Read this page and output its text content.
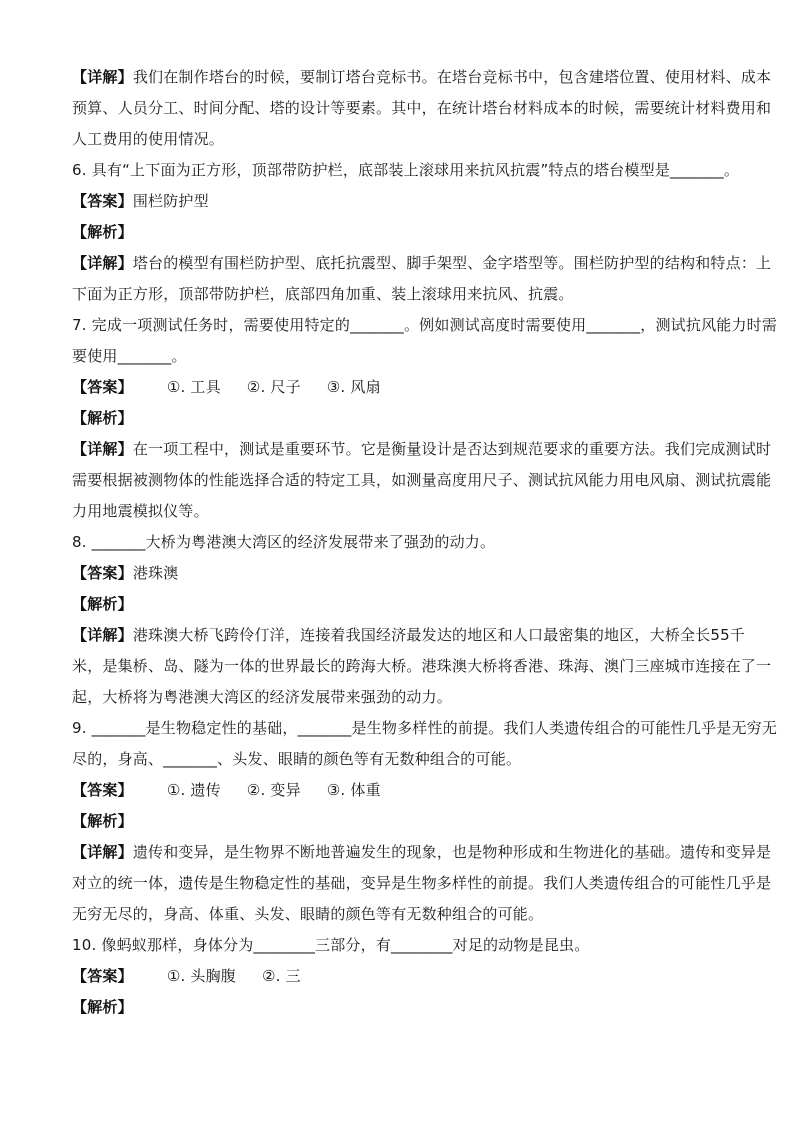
【详解】我们在制作塔台的时候，要制订塔台竞标书。在塔台竞标书中，包含建塔位置、使用材料、成本
预算、人员分工、时间分配、塔的设计等要素。其中，在统计塔台材料成本的时候，需要统计材料费用和
人工费用的使用情况。
6. 具有“上下面为正方形，顶部带防护栏，底部装上滚球用来抗风抗震”特点的塔台模型是_______。
【答案】围栏防护型
【解析】
【详解】塔台的模型有围栏防护型、底托抗震型、脚手架型、金字塔型等。围栏防护型的结构和特点：上
下面为正方形，顶部带防护栏，底部四角加重、装上滚球用来抗风、抗震。
7. 完成一项测试任务时，需要使用特定的_______。例如测试高度时需要使用_______，测试抗风能力时需
要使用_______。
【答案】 ①. 工具 ②. 尺子 ③. 风扇
【解析】
【详解】在一项工程中，测试是重要环节。它是衡量设计是否达到规范要求的重要方法。我们完成测试时
需要根据被测物体的性能选择合适的特定工具，如测量高度用尺子、测试抗风能力用电风扇、测试抗震能
力用地震模拟仪等。
8. _______大桥为粤港澳大湾区的经济发展带来了强劲的动力。
【答案】港珠澳
【解析】
【详解】港珠澳大桥飞跨伶仃洋，连接着我国经济最发达的地区和人口最密集的地区，大桥全长55千
米，是集桥、岛、隧为一体的世界最长的跨海大桥。港珠澳大桥将香港、珠海、澳门三座城市连接在了一
起，大桥将为粤港澳大湾区的经济发展带来强劲的动力。
9. _______是生物稳定性的基础，_______是生物多样性的前提。我们人类遗传组合的可能性几乎是无穷无
尽的，身高、_______、头发、眼睛的颜色等有无数种组合的可能。
【答案】 ①. 遗传 ②. 变异 ③. 体重
【解析】
【详解】遗传和变异，是生物界不断地普遍发生的现象，也是物种形成和生物进化的基础。遗传和变异是
对立的统一体，遗传是生物稳定性的基础，变异是生物多样性的前提。我们人类遗传组合的可能性几乎是
无穷无尽的，身高、体重、头发、眼睛的颜色等有无数种组合的可能。
10. 像蚂蚁那样，身体分为________三部分，有________对足的动物是昆虫。
【答案】 ①. 头胸腹 ②. 三
【解析】
